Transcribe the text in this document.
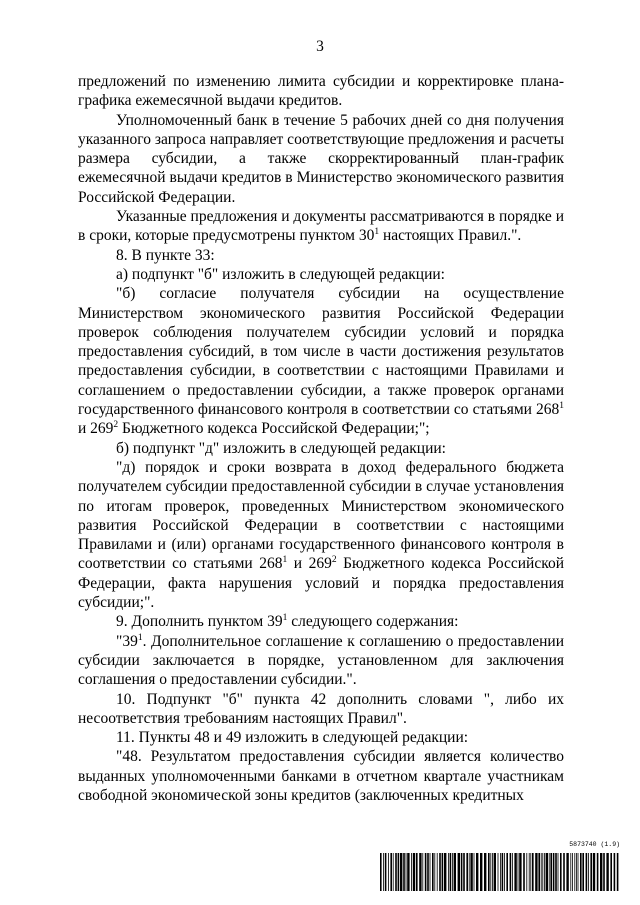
3

предложений по изменению лимита субсидии и корректировке плана-графика ежемесячной выдачи кредитов.

Уполномоченный банк в течение 5 рабочих дней со дня получения указанного запроса направляет соответствующие предложения и расчеты размера субсидии, а также скорректированный план-график ежемесячной выдачи кредитов в Министерство экономического развития Российской Федерации.

Указанные предложения и документы рассматриваются в порядке и в сроки, которые предусмотрены пунктом $30^1$ настоящих Правил.".

8. В пункте 33:

а) подпункт "б" изложить в следующей редакции:

"б) согласие получателя субсидии на осуществление Министерством экономического развития Российской Федерации проверок соблюдения получателем субсидии условий и порядка предоставления субсидий, в том числе в части достижения результатов предоставления субсидии, в соответствии с настоящими Правилами и соглашением о предоставлении субсидии, а также проверок органами государственного финансового контроля в соответствии со статьями $268^1$ и $269^2$ Бюджетного кодекса Российской Федерации;";

б) подпункт "д" изложить в следующей редакции:

"д) порядок и сроки возврата в доход федерального бюджета получателем субсидии предоставленной субсидии в случае установления по итогам проверок, проведенных Министерством экономического развития Российской Федерации в соответствии с настоящими Правилами и (или) органами государственного финансового контроля в соответствии со статьями $268^1$ и $269^2$ Бюджетного кодекса Российской Федерации, факта нарушения условий и порядка предоставления субсидии;".

9. Дополнить пунктом $39^1$ следующего содержания:

"$39^1$. Дополнительное соглашение к соглашению о предоставлении субсидии заключается в порядке, установленном для заключения соглашения о предоставлении субсидии.".

10. Подпункт "б" пункта 42 дополнить словами ", либо их несоответствия требованиям настоящих Правил".

11. Пункты 48 и 49 изложить в следующей редакции:

"48. Результатом предоставления субсидии является количество выданных уполномоченными банками в отчетном квартале участникам свободной экономической зоны кредитов (заключенных кредитных

5873740 (1.9)
